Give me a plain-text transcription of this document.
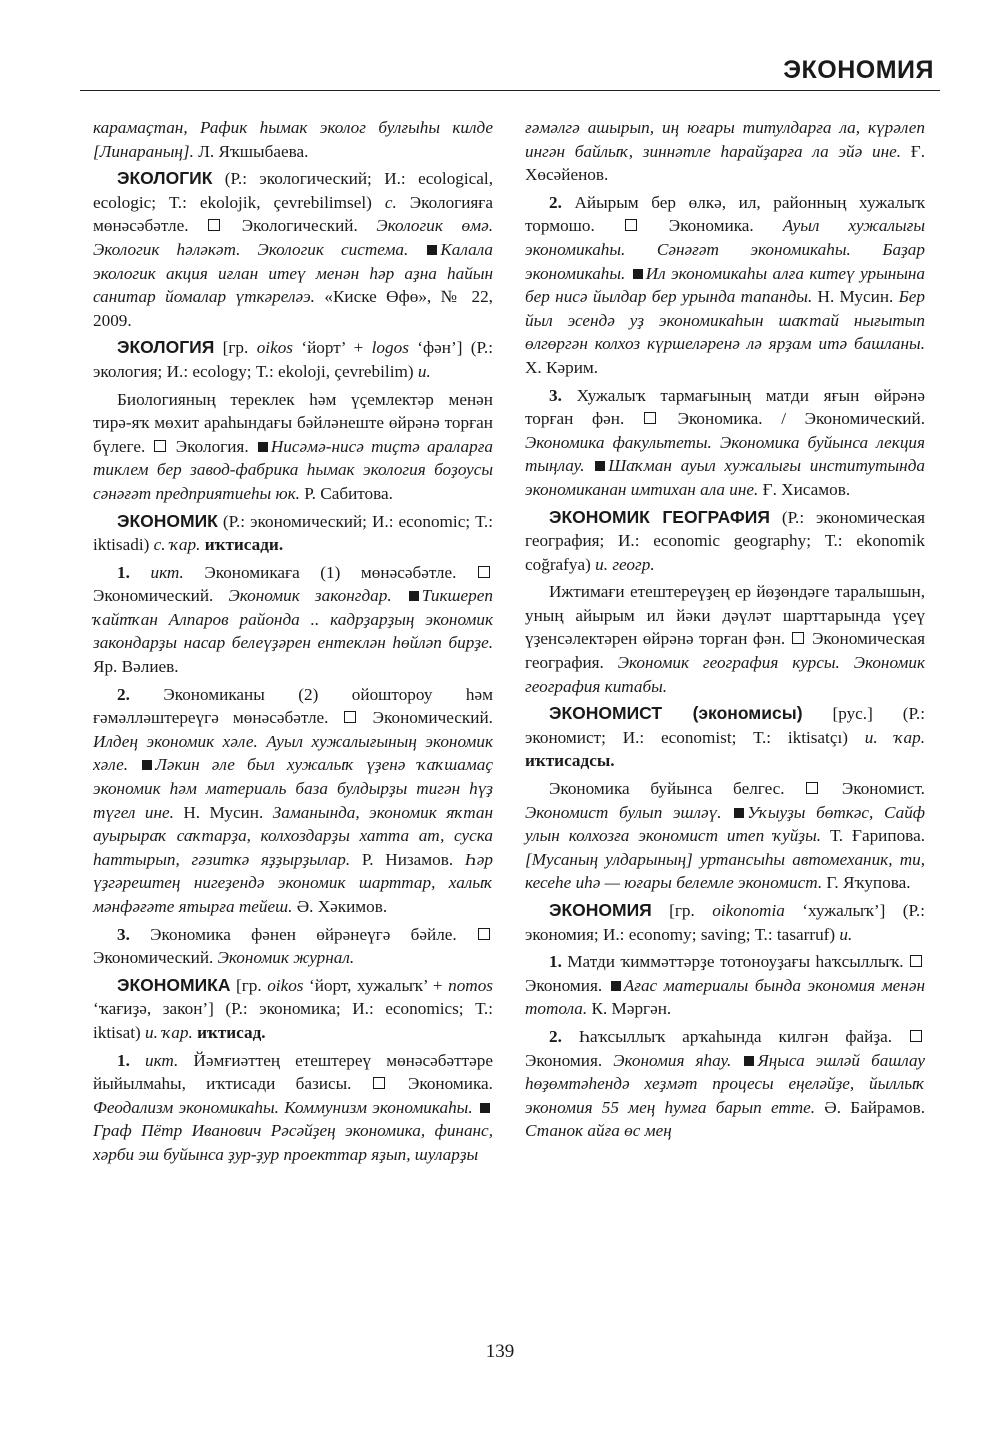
ЭКОНОМИЯ

карамаҫтан, Рафик һымак эколог булғыһы килде [Линараның]. Л. Яҡшыбаева.

ЭКОЛОГИК (Р.: экологический; И.: ecological, ecologic; Т.: ekolojik, çevrebilimsel) с. Экологияға мөнәсәбәтле.  Экологический. Экологик өмә. Экологик һәләкәт. Экологик система. Калала экологик акция иғлан итеү менән һәр аҙна һайын санитар йомалар үткәреләэ. «Киске Өфө», № 22, 2009.

ЭКОЛОГИЯ [гр. oikos ‘йорт’ + logos ‘фән’] (Р.: экология; И.: ecology; Т.: ekoloji, çevrebilim) и.

Биологияның тереклек һәм үҫемлектәр менән тирә-яҡ мөхит араһындағы бәйләнеште өйрәнә торған бүлеге.  Экология. Нисәмә-нисә тиҫтә араларға тиклем бер завод-фабрика һымак экология боҙоусы сәнәғәт предприятиеһы юк. Р. Сабитова.

ЭКОНОМИК (Р.: экономический; И.: economic; Т.: iktisadi) с. ҡар. иҡтисади.

1. икт. Экономикаға (1) мөнәсәбәтле.  Экономический. Экономик законгдар. Тикшереп ҡайтҡан Алпаров районда .. кадрҙарҙың экономик закондарҙы насар белеүҙәрен ентеклән һөйләп бирҙе. Яр. Вәлиев.

2. Экономиканы (2) ойоштороу һәм ғәмәлләштереүгә мөнәсәбәтле.  Экономический. Илдең экономик хәле. Ауыл хужалығының экономик хәле. Ләкин әле был хужалыҡ үҙенә ҡаҡшамаҫ экономик һәм материаль база булдырҙы тигән һүҙ түгел ине. Н. Мусин. Заманында, экономик яҡтан ауырыраҡ саҡтарҙа, колхоздарҙы хатта ат, суска һаттырып, гәзиткә яҙҙырҙылар. Р. Низамов. Һәр үҙгәрештең нигеҙендә экономик шарттар, халыҡ мәнфәғәте ятырға тейеш. Ә. Хәкимов.

3. Экономика фәнен өйрәнеүгә бәйле.  Экономический. Экономик журнал.

ЭКОНОМИКА [гр. oikos ‘йорт, хужалыҡ’ + nomos ‘ҡағиҙә, закон’] (Р.: экономика; И.: economics; Т.: iktisat) и. ҡар. иҡтисад.

1. икт. Йәмғиәттең етештереү мөнәсәбәттәре йыйылмаһы, иҡтисади базисы.  Экономика. Феодализм экономикаһы. Коммунизм экономикаһы. Граф Пётр Иванович Рәсәйҙең экономика, финанс, хәрби эш буйынса ҙур-ҙур проекттар яҙып, шуларҙы

ғәмәлгә ашырып, иң юғары титулдарға ла, күрәлеп ингән байлыҡ, зиннәтле һарайҙарға ла эйә ине. Ғ. Хөсәйенов.

2. Айырым бер өлкә, ил, районның хужалыҡ тормошо.  Экономика. Ауыл хужалығы экономикаһы. Сәнәғәт экономикаһы. Баҙар экономикаһы. Ил экономикаһы алға китеү урынына бер нисә йылдар бер урында тапанды. Н. Мусин. Бер йыл эсендә уҙ экономикаһын шаҡтай нығытып өлгөргән колхоз күршеләренә лә ярҙам итә башланы. Х. Кәрим.

3. Хужалыҡ тармағының матди яғын өйрәнә торған фән.  Экономика. / Экономический. Экономика факультеты. Экономика буйынса лекция тыңлау. Шаҡман ауыл хужалығы институтында экономиканан имтихан ала ине. Ғ. Хисамов.

ЭКОНОМИК ГЕОГРАФИЯ (Р.: экономическая география; И.: economic geography; Т.: ekonomik coğrafya) и. геогр.

Ижтимағи етештереүҙең ер йөҙөндәге таралышын, уның айырым ил йәки дәүләт шарттарында үҫеү үҙенсәлектәрен өйрәнә торған фән.  Экономическая география. Экономик география курсы. Экономик география китабы.

ЭКОНОМИСТ (экономисы) [рус.] (Р.: экономист; И.: economist; Т.: iktisatçı) и. ҡар. иҡтисадсы.

Экономика буйынса белгес.  Экономист. Экономист булып эшләү. Уҡыуҙы бөткәс, Сайф улын колхозға экономист итеп ҡуйҙы. Т. Ғарипова. [Мусаның улдарының] уртансыһы автомеханик, ти, кесеһе иһә — юғары белемле экономист. Г. Яҡупова.

ЭКОНОМИЯ [гр. oikonomia ‘хужалыҡ’] (Р.: экономия; И.: economy; saving; Т.: tasarruf) и.

1. Матди ҡиммәттәрҙе тотоноуҙағы һаҡсыллыҡ.  Экономия. Ағас материалы бында экономия менән тотола. К. Мәргән.

2. Һаҡсыллыҡ арҡаһында килгән файҙа.  Экономия. Экономия яһау. Яңыса эшләй башлау һөҙөмтәһендә хеҙмәт процесы еңеләйҙе, йыллыҡ экономия 55 мең һумға барып етте. Ә. Байрамов. Станок айға өс мең

139
